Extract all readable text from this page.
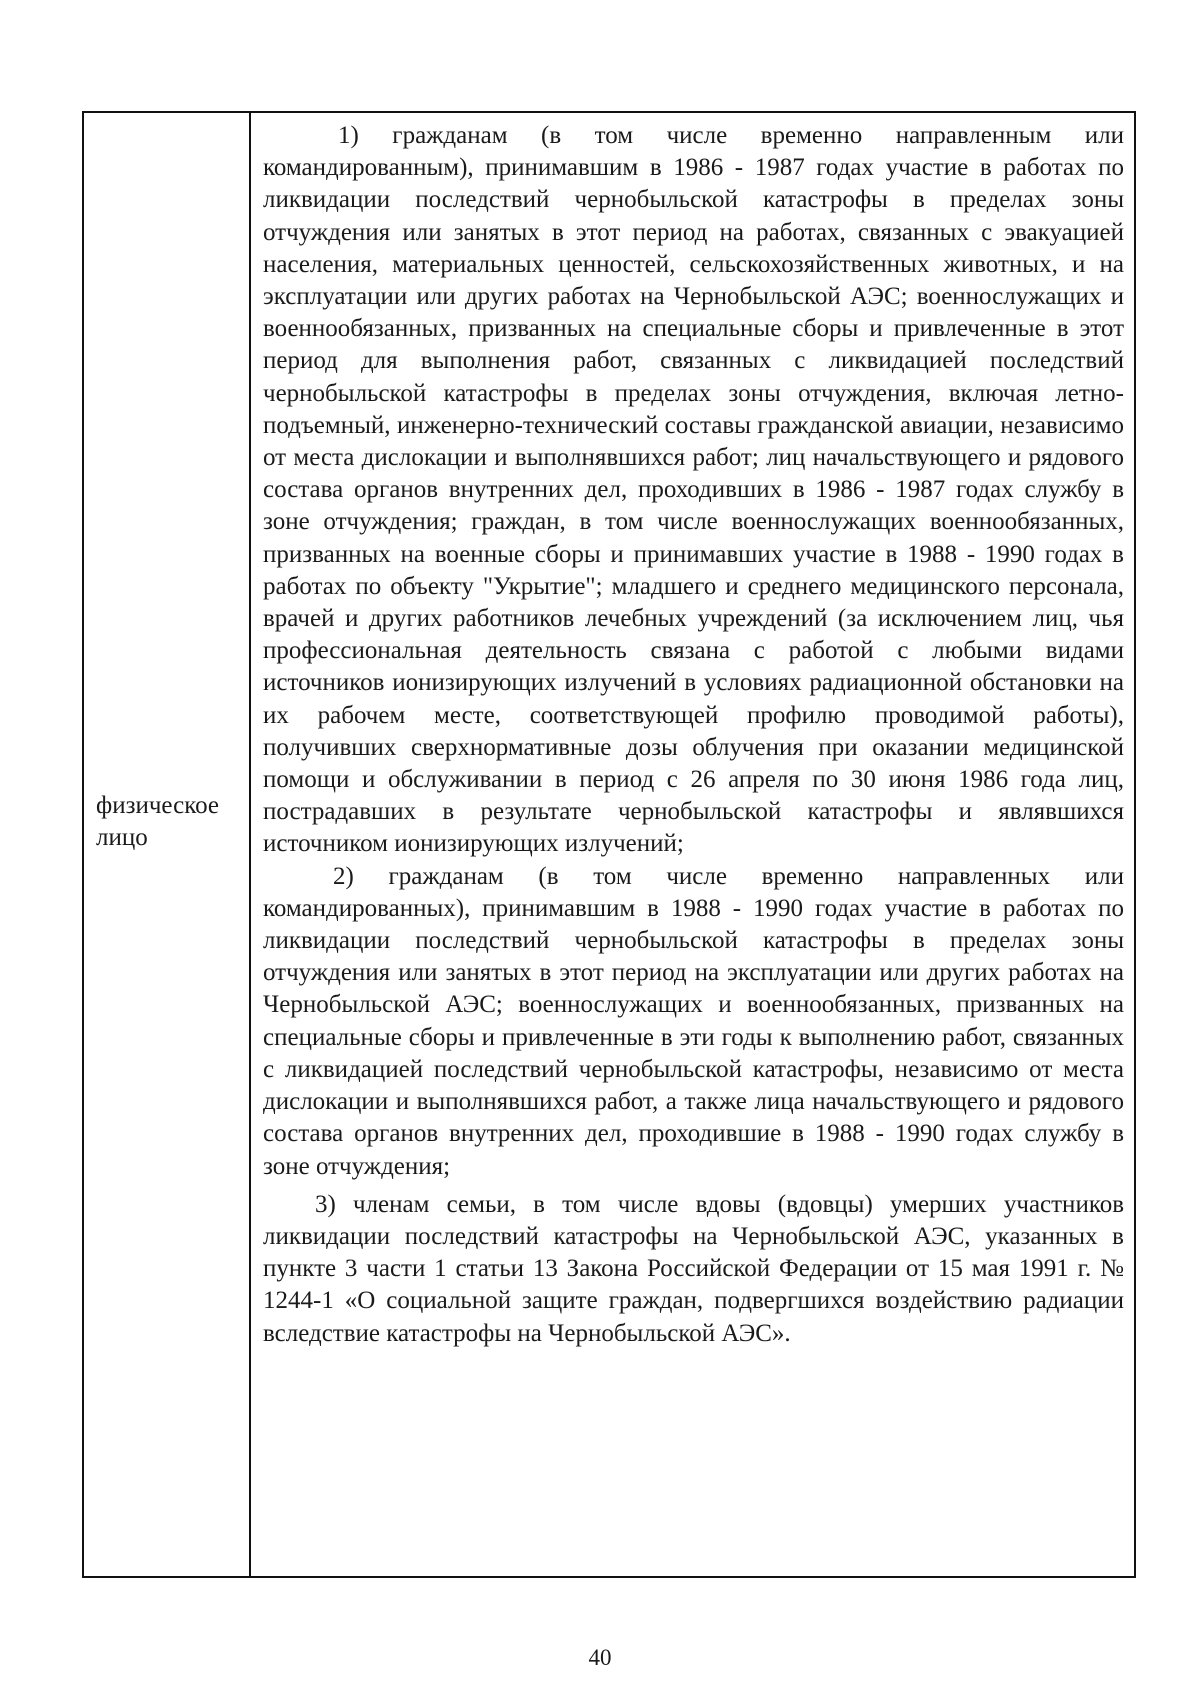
физическое лицо

1) гражданам (в том числе временно направленным или командированным), принимавшим в 1986 - 1987 годах участие в работах по ликвидации последствий чернобыльской катастрофы в пределах зоны отчуждения или занятых в этот период на работах, связанных с эвакуацией населения, материальных ценностей, сельскохозяйственных животных, и на эксплуатации или других работах на Чернобыльской АЭС; военнослужащих и военнообязанных, призванных на специальные сборы и привлеченные в этот период для выполнения работ, связанных с ликвидацией последствий чернобыльской катастрофы в пределах зоны отчуждения, включая летно-подъемный, инженерно-технический составы гражданской авиации, независимо от места дислокации и выполнявшихся работ; лиц начальствующего и рядового состава органов внутренних дел, проходивших в 1986 - 1987 годах службу в зоне отчуждения; граждан, в том числе военнослужащих военнообязанных, призванных на военные сборы и принимавших участие в 1988 - 1990 годах в работах по объекту "Укрытие"; младшего и среднего медицинского персонала, врачей и других работников лечебных учреждений (за исключением лиц, чья профессиональная деятельность связана с работой с любыми видами источников ионизирующих излучений в условиях радиационной обстановки на их рабочем месте, соответствующей профилю проводимой работы), получивших сверхнормативные дозы облучения при оказании медицинской помощи и обслуживании в период с 26 апреля по 30 июня 1986 года лиц, пострадавших в результате чернобыльской катастрофы и являвшихся источником ионизирующих излучений;

2) гражданам (в том числе временно направленных или командированных), принимавшим в 1988 - 1990 годах участие в работах по ликвидации последствий чернобыльской катастрофы в пределах зоны отчуждения или занятых в этот период на эксплуатации или других работах на Чернобыльской АЭС; военнослужащих и военнообязанных, призванных на специальные сборы и привлеченные в эти годы к выполнению работ, связанных с ликвидацией последствий чернобыльской катастрофы, независимо от места дислокации и выполнявшихся работ, а также лица начальствующего и рядового состава органов внутренних дел, проходившие в 1988 - 1990 годах службу в зоне отчуждения;

3) членам семьи, в том числе вдовы (вдовцы) умерших участников ликвидации последствий катастрофы на Чернобыльской АЭС, указанных в пункте 3 части 1 статьи 13 Закона Российской Федерации от 15 мая 1991 г. № 1244-1 «О социальной защите граждан, подвергшихся воздействию радиации вследствие катастрофы на Чернобыльской АЭС».

40
